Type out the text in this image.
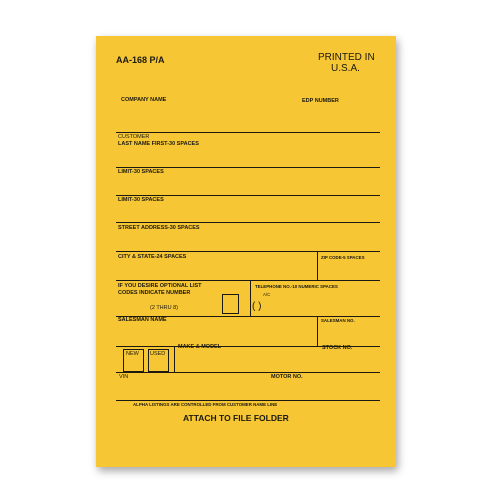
AA-168 P/A	PRINTED IN
U.S.A.
COMPANY NAME	EDP NUMBER
CUSTOMER
LAST NAME FIRST-30 SPACES
LIMIT-30 SPACES
LIMIT-30 SPACES
STREET ADDRESS-30 SPACES
CITY & STATE-24 SPACES	ZIP CODE-5 SPACES
IF YOU DESIRE OPTIONAL LIST
CODES INDICATE NUMBER
(2 THRU 8)
TELEPHONE NO.-10 NUMERIC SPACES
A/C
( )
SALESMAN NAME	SALESMAN NO.
NEW USED
MAKE & MODEL	STOCK NO.
VIN	MOTOR NO.
ALPHA LISTINGS ARE CONTROLLED FROM CUSTOMER NAME LINE
ATTACH TO FILE FOLDER
